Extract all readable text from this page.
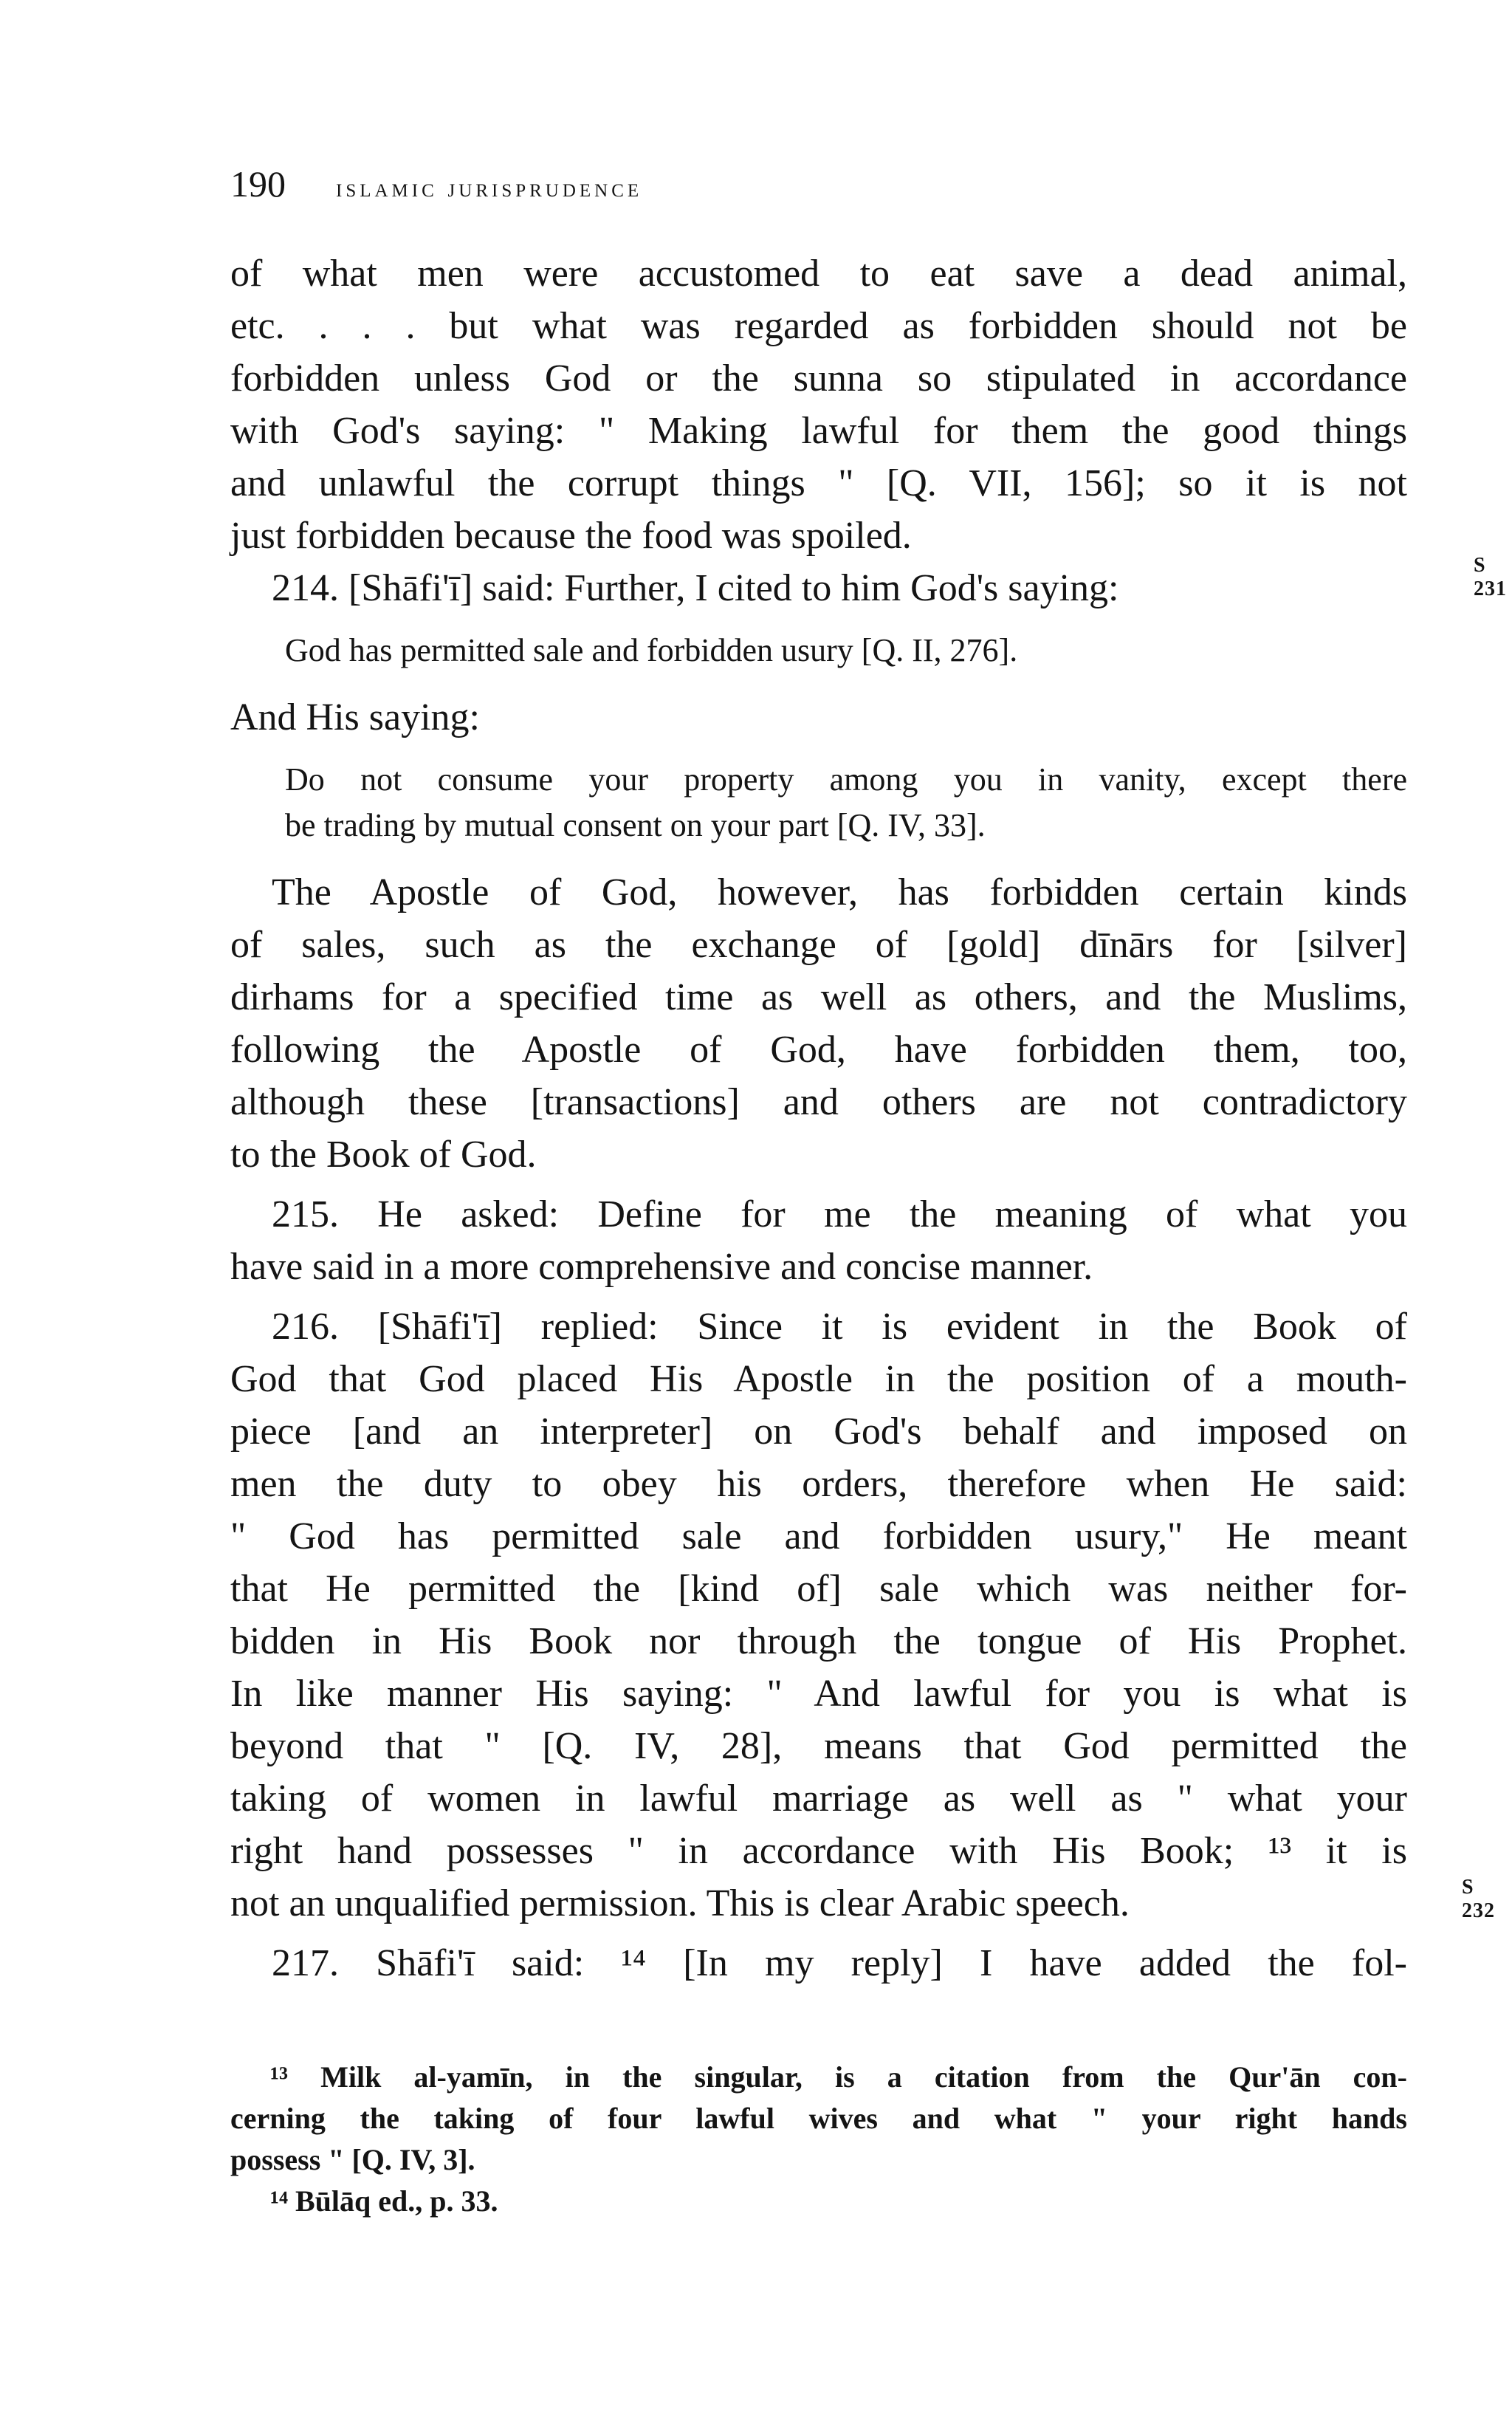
190 islamic jurisprudence
S 231
S 232
of what men were accustomed to eat save a dead animal,
etc. . . . but what was regarded as forbidden should not be
forbidden unless God or the sunna so stipulated in accordance
with God's saying: " Making lawful for them the good things
and unlawful the corrupt things " [Q. VII, 156]; so it is not
just forbidden because the food was spoiled.
214. [Shāfi'ī] said: Further, I cited to him God's saying:
God has permitted sale and forbidden usury [Q. II, 276].
And His saying:
Do not consume your property among you in vanity, except there
be trading by mutual consent on your part [Q. IV, 33].
The Apostle of God, however, has forbidden certain kinds
of sales, such as the exchange of [gold] dīnārs for [silver]
dirhams for a specified time as well as others, and the Muslims,
following the Apostle of God, have forbidden them, too,
although these [transactions] and others are not contradictory
to the Book of God.
215. He asked: Define for me the meaning of what you
have said in a more comprehensive and concise manner.
216. [Shāfi'ī] replied: Since it is evident in the Book of
God that God placed His Apostle in the position of a mouth-
piece [and an interpreter] on God's behalf and imposed on
men the duty to obey his orders, therefore when He said:
" God has permitted sale and forbidden usury," He meant
that He permitted the [kind of] sale which was neither for-
bidden in His Book nor through the tongue of His Prophet.
In like manner His saying: " And lawful for you is what is
beyond that " [Q. IV, 28], means that God permitted the
taking of women in lawful marriage as well as " what your
right hand possesses " in accordance with His Book; ¹³ it is
not an unqualified permission. This is clear Arabic speech.
217. Shāfi'ī said: ¹⁴ [In my reply] I have added the fol-
¹³ Milk al-yamīn, in the singular, is a citation from the Qur'ān con-
cerning the taking of four lawful wives and what " your right hands
possess " [Q. IV, 3].
¹⁴ Būlāq ed., p. 33.
